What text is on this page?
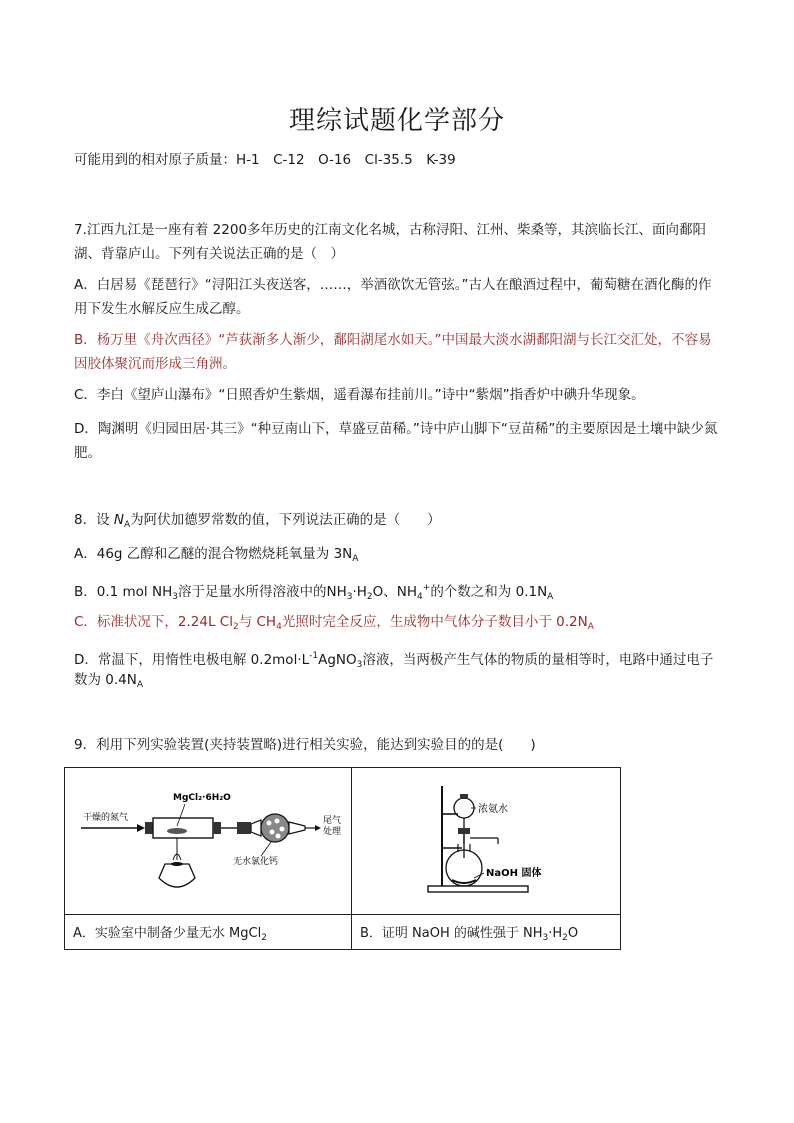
理综试题化学部分
可能用到的相对原子质量：H-1　C-12　O-16　Cl-35.5　K-39
7.江西九江是一座有着 2200多年历史的江南文化名城，古称浔阳、江州、柴桑等，其滨临长江、面向鄱阳湖、背靠庐山。下列有关说法正确的是（　）
A．白居易《琵琶行》“浔阳江头夜送客，……，举酒欲饮无管弦。”古人在酿酒过程中，葡萄糖在酒化酶的作用下发生水解反应生成乙醇。
B．杨万里《舟次西径》“芦荻渐多人渐少，鄱阳湖尾水如天。”中国最大淡水湖鄱阳湖与长江交汇处，不容易因胶体聚沉而形成三角洲。
C．李白《望庐山瀑布》“日照香炉生紫烟，遥看瀑布挂前川。”诗中“紫烟”指香炉中碘升华现象。
D．陶渊明《归园田居·其三》“种豆南山下，草盛豆苗稀。”诗中庐山脚下“豆苗稀”的主要原因是土壤中缺少氮肥。
8．设 $N_A$为阿伏加德罗常数的值，下列说法正确的是（　　）
A．46g 乙醇和乙醚的混合物燃烧耗氧量为 $3N_A$
B．0.1 mol $NH_3$溶于足量水所得溶液中的$NH_3\cdot H_2O$、$NH_4^+$的个数之和为 $0.1N_A$
C．标准状况下，2.24L $Cl_2$与 $CH_4$光照时完全反应，生成物中气体分子数目小于 $0.2N_A$
D．常温下，用惰性电极电解 $0.2mol\cdot L^{-1}AgNO_3$溶液，当两极产生气体的物质的量相等时，电路中通过电子
数为 $0.4N_A$
9．利用下列实验装置(夹持装置略)进行相关实验，能达到实验目的的是(　　)
干燥的氮气
MgCl₂·6H₂O
尾气
处理
无水氯化钙	浓氨水
NaOH 固体

A．实验室中制备少量无水 MgCl$_2$	B．证明 NaOH 的碱性强于 $NH_3\cdot H_2O$
